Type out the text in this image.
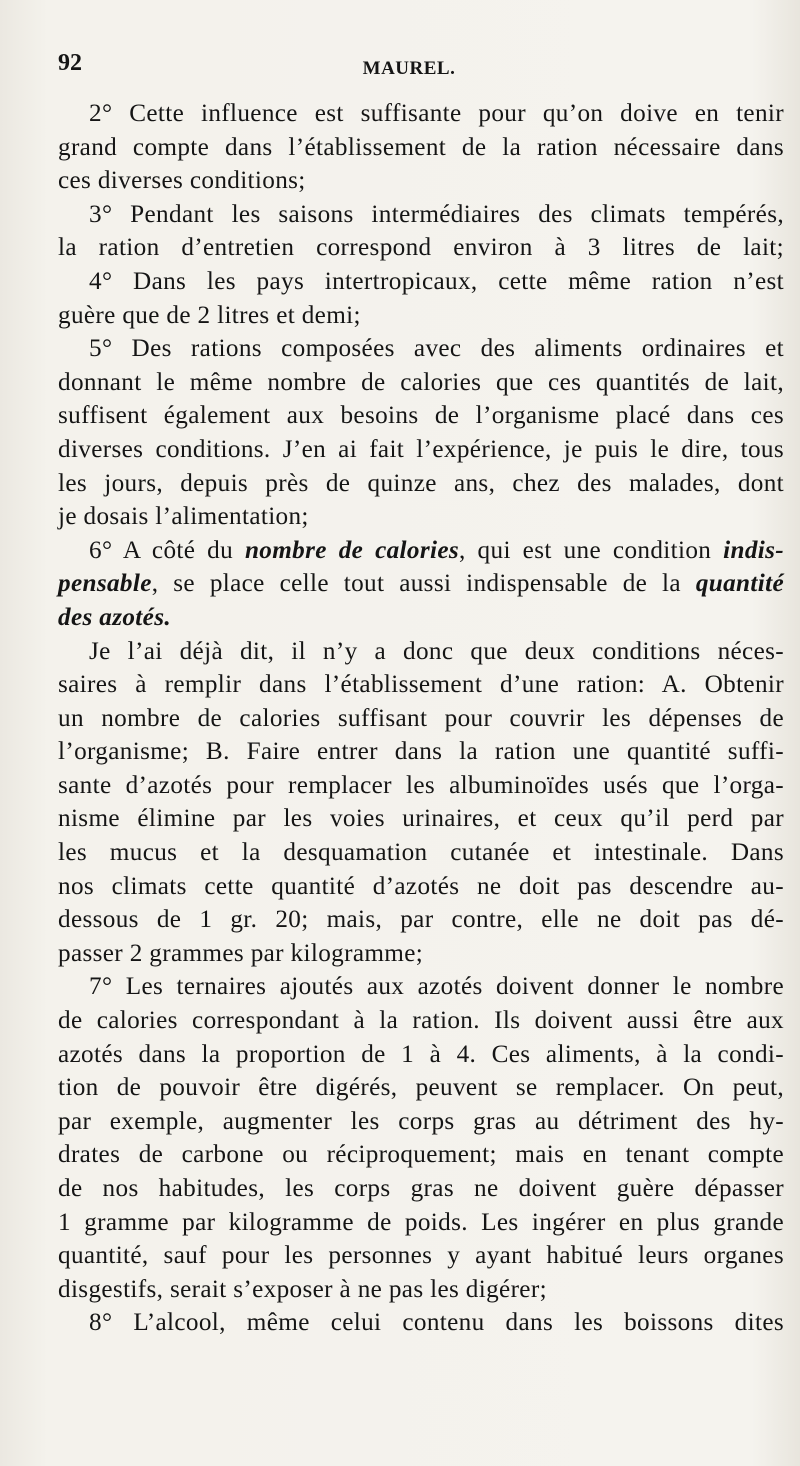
92	MAUREL.
2° Cette influence est suffisante pour qu’on doive en tenir
grand compte dans l’établissement de la ration nécessaire dans
ces diverses conditions;
3° Pendant les saisons intermédiaires des climats tempérés,
la ration d’entretien correspond environ à 3 litres de lait;
4° Dans les pays intertropicaux, cette même ration n’est
guère que de 2 litres et demi;
5° Des rations composées avec des aliments ordinaires et
donnant le même nombre de calories que ces quantités de lait,
suffisent également aux besoins de l’organisme placé dans ces
diverses conditions. J’en ai fait l’expérience, je puis le dire, tous
les jours, depuis près de quinze ans, chez des malades, dont
je dosais l’alimentation;
6° A côté du nombre de calories, qui est une condition indis-
pensable, se place celle tout aussi indispensable de la quantité
des azotés.
Je l’ai déjà dit, il n’y a donc que deux conditions néces-
saires à remplir dans l’établissement d’une ration: A. Obtenir
un nombre de calories suffisant pour couvrir les dépenses de
l’organisme; B. Faire entrer dans la ration une quantité suffi-
sante d’azotés pour remplacer les albuminoïdes usés que l’orga-
nisme élimine par les voies urinaires, et ceux qu’il perd par
les mucus et la desquamation cutanée et intestinale. Dans
nos climats cette quantité d’azotés ne doit pas descendre au-
dessous de 1 gr. 20; mais, par contre, elle ne doit pas dé-
passer 2 grammes par kilogramme;
7° Les ternaires ajoutés aux azotés doivent donner le nombre
de calories correspondant à la ration. Ils doivent aussi être aux
azotés dans la proportion de 1 à 4. Ces aliments, à la condi-
tion de pouvoir être digérés, peuvent se remplacer. On peut,
par exemple, augmenter les corps gras au détriment des hy-
drates de carbone ou réciproquement; mais en tenant compte
de nos habitudes, les corps gras ne doivent guère dépasser
1 gramme par kilogramme de poids. Les ingérer en plus grande
quantité, sauf pour les personnes y ayant habitué leurs organes
disgestifs, serait s’exposer à ne pas les digérer;
8° L’alcool, même celui contenu dans les boissons dites
